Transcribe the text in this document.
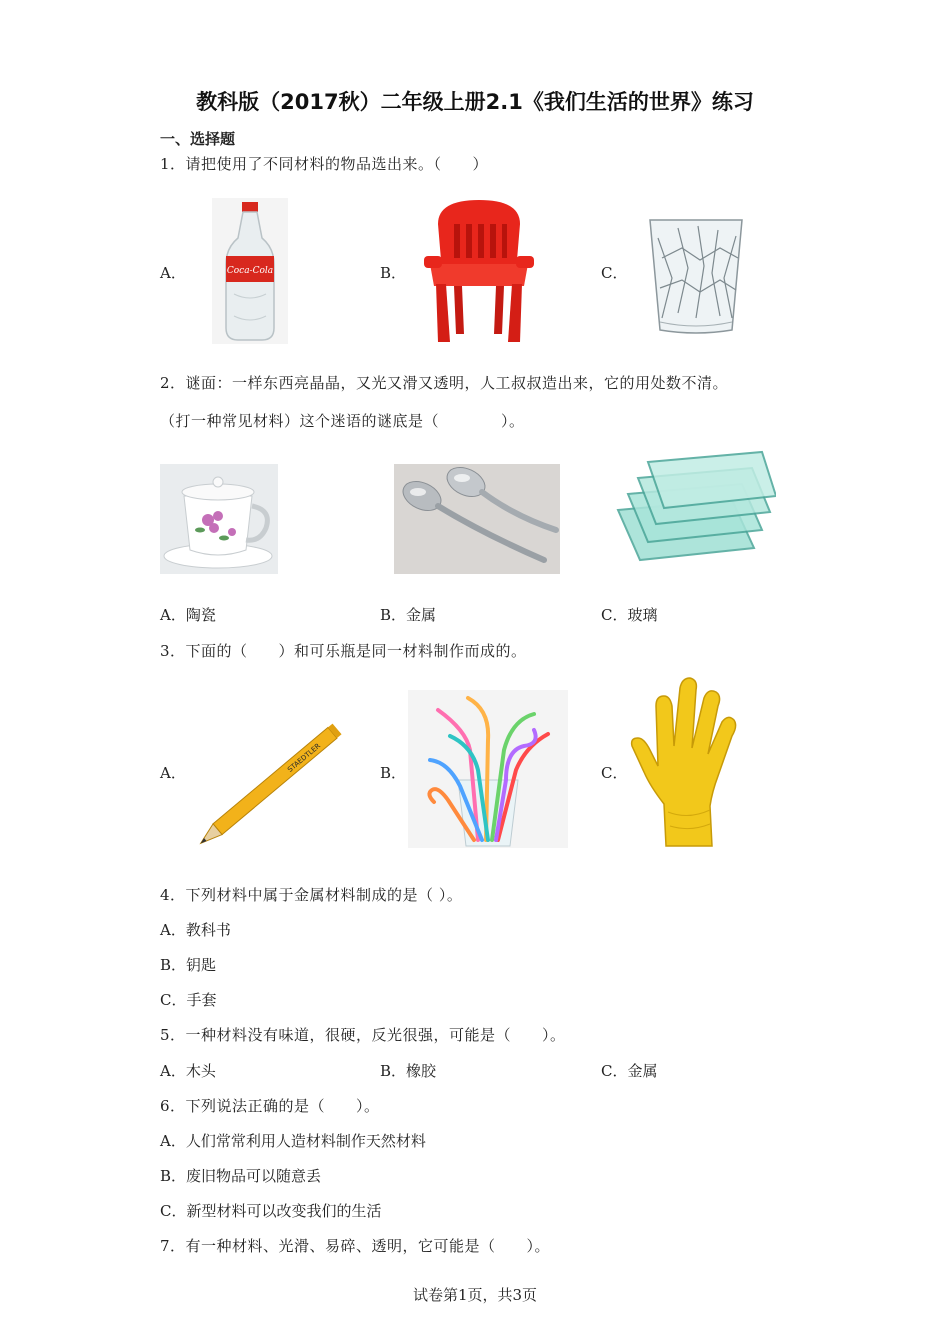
教科版（2017秋）二年级上册2.1《我们生活的世界》练习
一、选择题
1．请把使用了不同材料的物品选出来。（　　）
A．	B．	C．
Coca-Cola
2．谜面：一样东西亮晶晶，又光又滑又透明，人工叔叔造出来，它的用处数不清。
（打一种常见材料）这个迷语的谜底是（　　　　）。
A．陶瓷	B．金属	C．玻璃
3．下面的（　　）和可乐瓶是同一材料制作而成的。
A．	B．	C．
STAEDTLER
4．下列材料中属于金属材料制成的是（ ）。
A．教科书
B．钥匙
C．手套
5．一种材料没有味道，很硬，反光很强，可能是（　　）。
A．木头	B．橡胶	C．金属
6．下列说法正确的是（　　）。
A．人们常常利用人造材料制作天然材料
B．废旧物品可以随意丢
C．新型材料可以改变我们的生活
7．有一种材料、光滑、易碎、透明，它可能是（　　）。
试卷第1页，共3页
